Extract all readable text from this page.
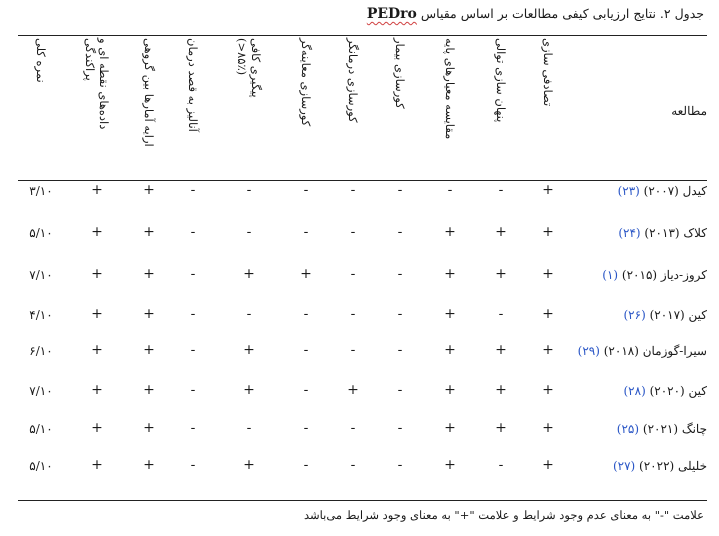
جدول ۲. نتایج ارزیابی کیفی مطالعات بر اساس مقیاس PEDro
مطالعه
تصادفی سازی
پنهان سازی توالی
مقایسه معیارهای پایه
کورسازی بیمار
کورسازی درمانگر
کورسازی معاینه‌گر
پیگیری کافی
(۸۵٪<)
آنالیز به قصد درمان
ارایه آمارها بین گروهی
داده‌های نقطه ای و
پراکندگی
نمره کلی
کیدل (۲۰۰۷) (۲۳)
+
-
-
-
-
-
-
-
+
+
۳/۱۰
کلاک (۲۰۱۳) (۲۴)
+
+
+
-
-
-
-
-
+
+
۵/۱۰
کروز-دیاز (۲۰۱۵) (۱)
+
+
+
-
-
+
+
-
+
+
۷/۱۰
کین (۲۰۱۷) (۲۶)
+
-
+
-
-
-
-
-
+
+
۴/۱۰
سیرا-گوزمان (۲۰۱۸) (۲۹)
+
+
+
-
-
-
+
-
+
+
۶/۱۰
کین (۲۰۲۰) (۲۸)
+
+
+
-
+
-
+
-
+
+
۷/۱۰
چانگ (۲۰۲۱) (۲۵)
+
+
+
-
-
-
-
-
+
+
۵/۱۰
خلیلی (۲۰۲۲) (۲۷)
+
-
+
-
-
-
+
-
+
+
۵/۱۰
علامت "-" به معنای عدم وجود شرایط و علامت "+" به معنای وجود شرایط می‌باشد
